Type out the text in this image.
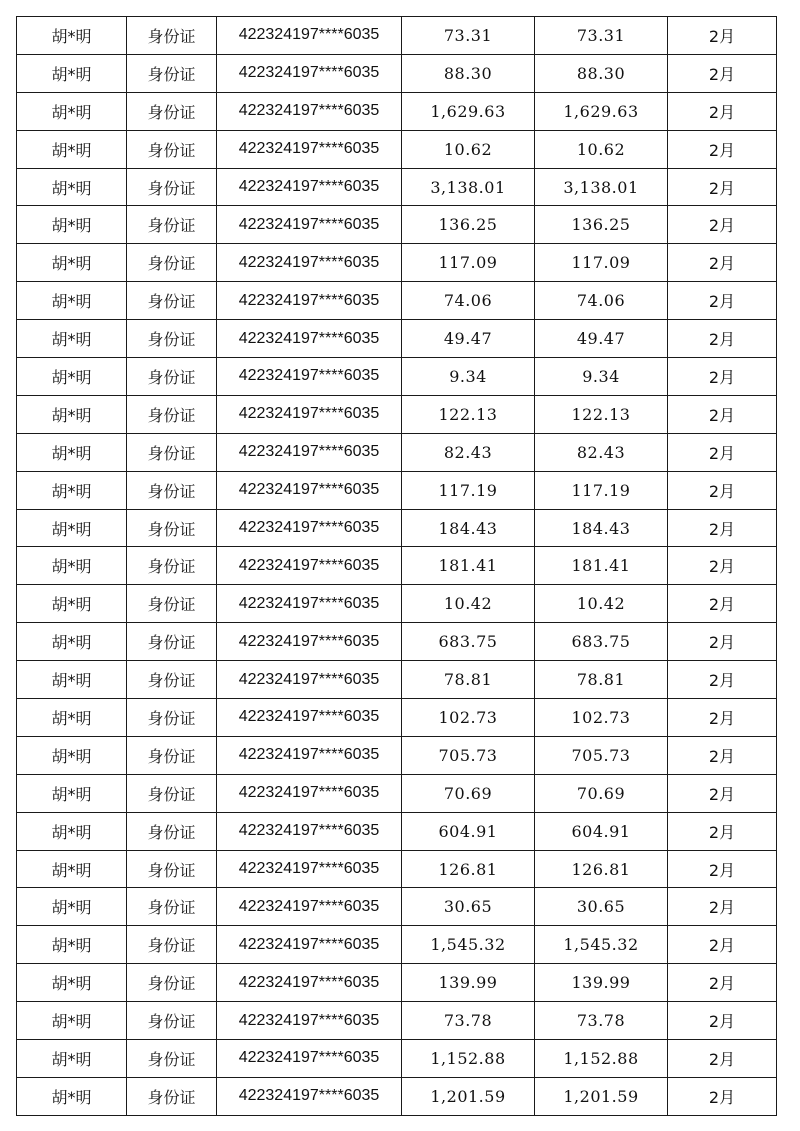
胡*明	身份证	422324197****6035	73.31	73.31	2月
胡*明	身份证	422324197****6035	88.30	88.30	2月
胡*明	身份证	422324197****6035	1,629.63	1,629.63	2月
胡*明	身份证	422324197****6035	10.62	10.62	2月
胡*明	身份证	422324197****6035	3,138.01	3,138.01	2月
胡*明	身份证	422324197****6035	136.25	136.25	2月
胡*明	身份证	422324197****6035	117.09	117.09	2月
胡*明	身份证	422324197****6035	74.06	74.06	2月
胡*明	身份证	422324197****6035	49.47	49.47	2月
胡*明	身份证	422324197****6035	9.34	9.34	2月
胡*明	身份证	422324197****6035	122.13	122.13	2月
胡*明	身份证	422324197****6035	82.43	82.43	2月
胡*明	身份证	422324197****6035	117.19	117.19	2月
胡*明	身份证	422324197****6035	184.43	184.43	2月
胡*明	身份证	422324197****6035	181.41	181.41	2月
胡*明	身份证	422324197****6035	10.42	10.42	2月
胡*明	身份证	422324197****6035	683.75	683.75	2月
胡*明	身份证	422324197****6035	78.81	78.81	2月
胡*明	身份证	422324197****6035	102.73	102.73	2月
胡*明	身份证	422324197****6035	705.73	705.73	2月
胡*明	身份证	422324197****6035	70.69	70.69	2月
胡*明	身份证	422324197****6035	604.91	604.91	2月
胡*明	身份证	422324197****6035	126.81	126.81	2月
胡*明	身份证	422324197****6035	30.65	30.65	2月
胡*明	身份证	422324197****6035	1,545.32	1,545.32	2月
胡*明	身份证	422324197****6035	139.99	139.99	2月
胡*明	身份证	422324197****6035	73.78	73.78	2月
胡*明	身份证	422324197****6035	1,152.88	1,152.88	2月
胡*明	身份证	422324197****6035	1,201.59	1,201.59	2月
